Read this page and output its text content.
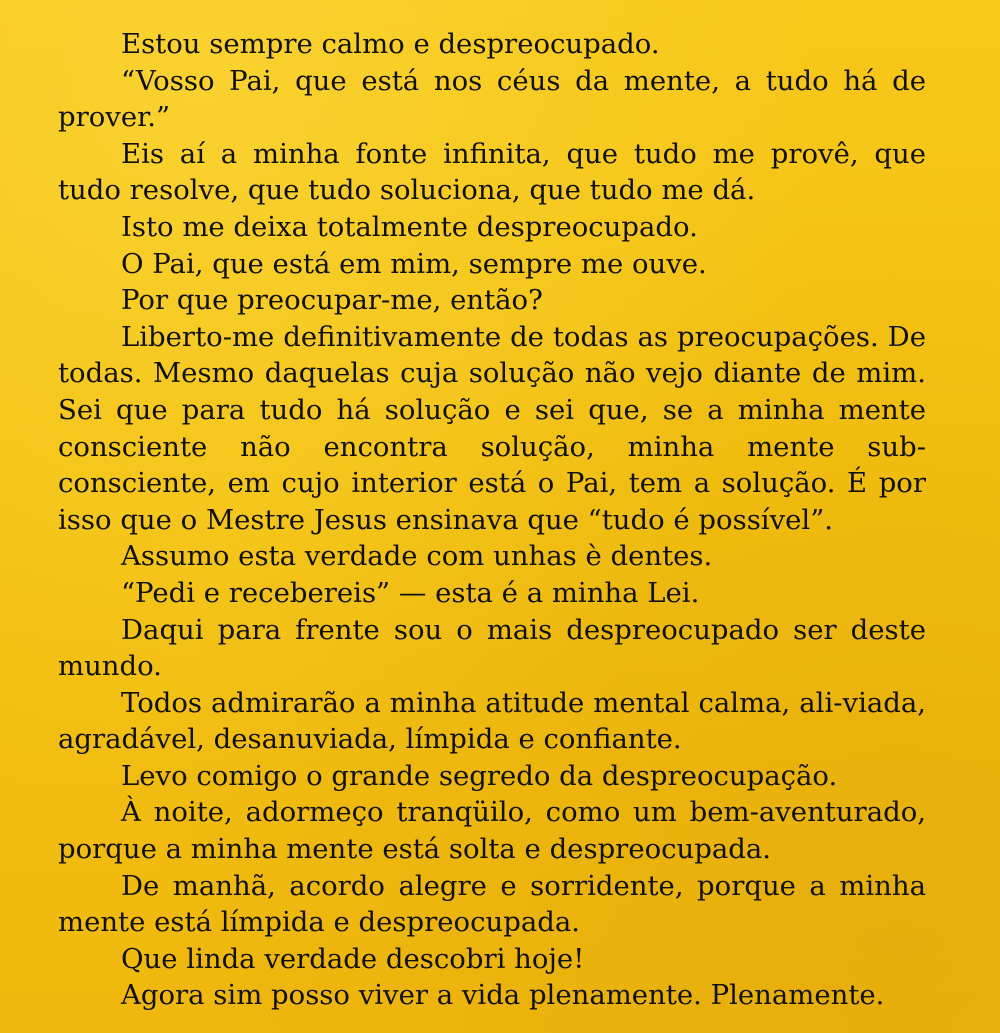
Estou sempre calmo e despreocupado.

“Vosso Pai, que está nos céus da mente, a tudo há de prover.”

Eis aí a minha fonte infinita, que tudo me provê, que tudo resolve, que tudo soluciona, que tudo me dá.

Isto me deixa totalmente despreocupado.

O Pai, que está em mim, sempre me ouve.

Por que preocupar-me, então?

Liberto-me definitivamente de todas as preocupações. De todas. Mesmo daquelas cuja solução não vejo diante de mim. Sei que para tudo há solução e sei que, se a minha mente consciente não encontra solução, minha mente sub-consciente, em cujo interior está o Pai, tem a solução. É por isso que o Mestre Jesus ensinava que “tudo é possível”.

Assumo esta verdade com unhas è dentes.

“Pedi e recebereis” — esta é a minha Lei.

Daqui para frente sou o mais despreocupado ser deste mundo.

Todos admirarão a minha atitude mental calma, ali-viada, agradável, desanuviada, límpida e confiante.

Levo comigo o grande segredo da despreocupação.

À noite, adormeço tranqüilo, como um bem-aventurado, porque a minha mente está solta e despreocupada.

De manhã, acordo alegre e sorridente, porque a minha mente está límpida e despreocupada.

Que linda verdade descobri hoje!

Agora sim posso viver a vida plenamente. Plenamente.
